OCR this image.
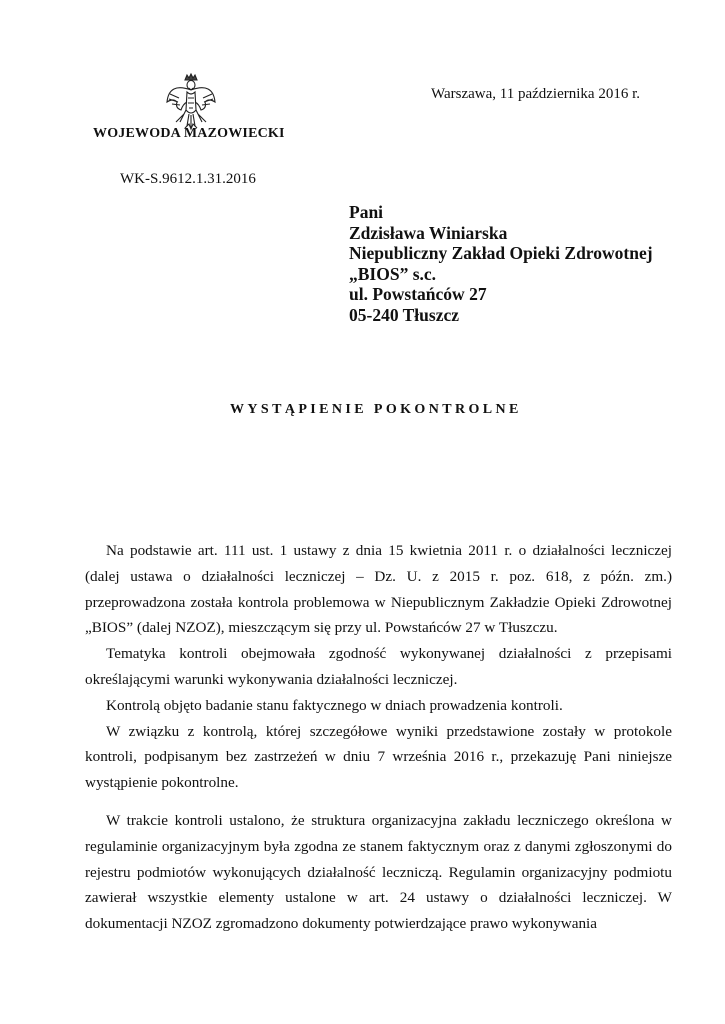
WOJEWODA MAZOWIECKI
Warszawa, 11 października 2016 r.
WK-S.9612.1.31.2016
Pani
Zdzisława Winiarska
Niepubliczny Zakład Opieki Zdrowotnej
„BIOS” s.c.
ul. Powstańców 27
05-240 Tłuszcz
WYSTĄPIENIE POKONTROLNE

Na podstawie art. 111 ust. 1 ustawy z dnia 15 kwietnia 2011 r. o działalności leczniczej (dalej ustawa o działalności leczniczej – Dz. U. z 2015 r. poz. 618, z późn. zm.) przeprowadzona została kontrola problemowa w Niepublicznym Zakładzie Opieki Zdrowotnej „BIOS” (dalej NZOZ), mieszczącym się przy ul. Powstańców 27 w Tłuszczu.

Tematyka kontroli obejmowała zgodność wykonywanej działalności z przepisami określającymi warunki wykonywania działalności leczniczej.

Kontrolą objęto badanie stanu faktycznego w dniach prowadzenia kontroli.

W związku z kontrolą, której szczegółowe wyniki przedstawione zostały w protokole kontroli, podpisanym bez zastrzeżeń w dniu 7 września 2016 r., przekazuję Pani niniejsze wystąpienie pokontrolne.

W trakcie kontroli ustalono, że struktura organizacyjna zakładu leczniczego określona w regulaminie organizacyjnym była zgodna ze stanem faktycznym oraz z danymi zgłoszonymi do rejestru podmiotów wykonujących działalność leczniczą. Regulamin organizacyjny podmiotu zawierał wszystkie elementy ustalone w art. 24 ustawy o działalności leczniczej. W dokumentacji NZOZ zgromadzono dokumenty potwierdzające prawo wykonywania
